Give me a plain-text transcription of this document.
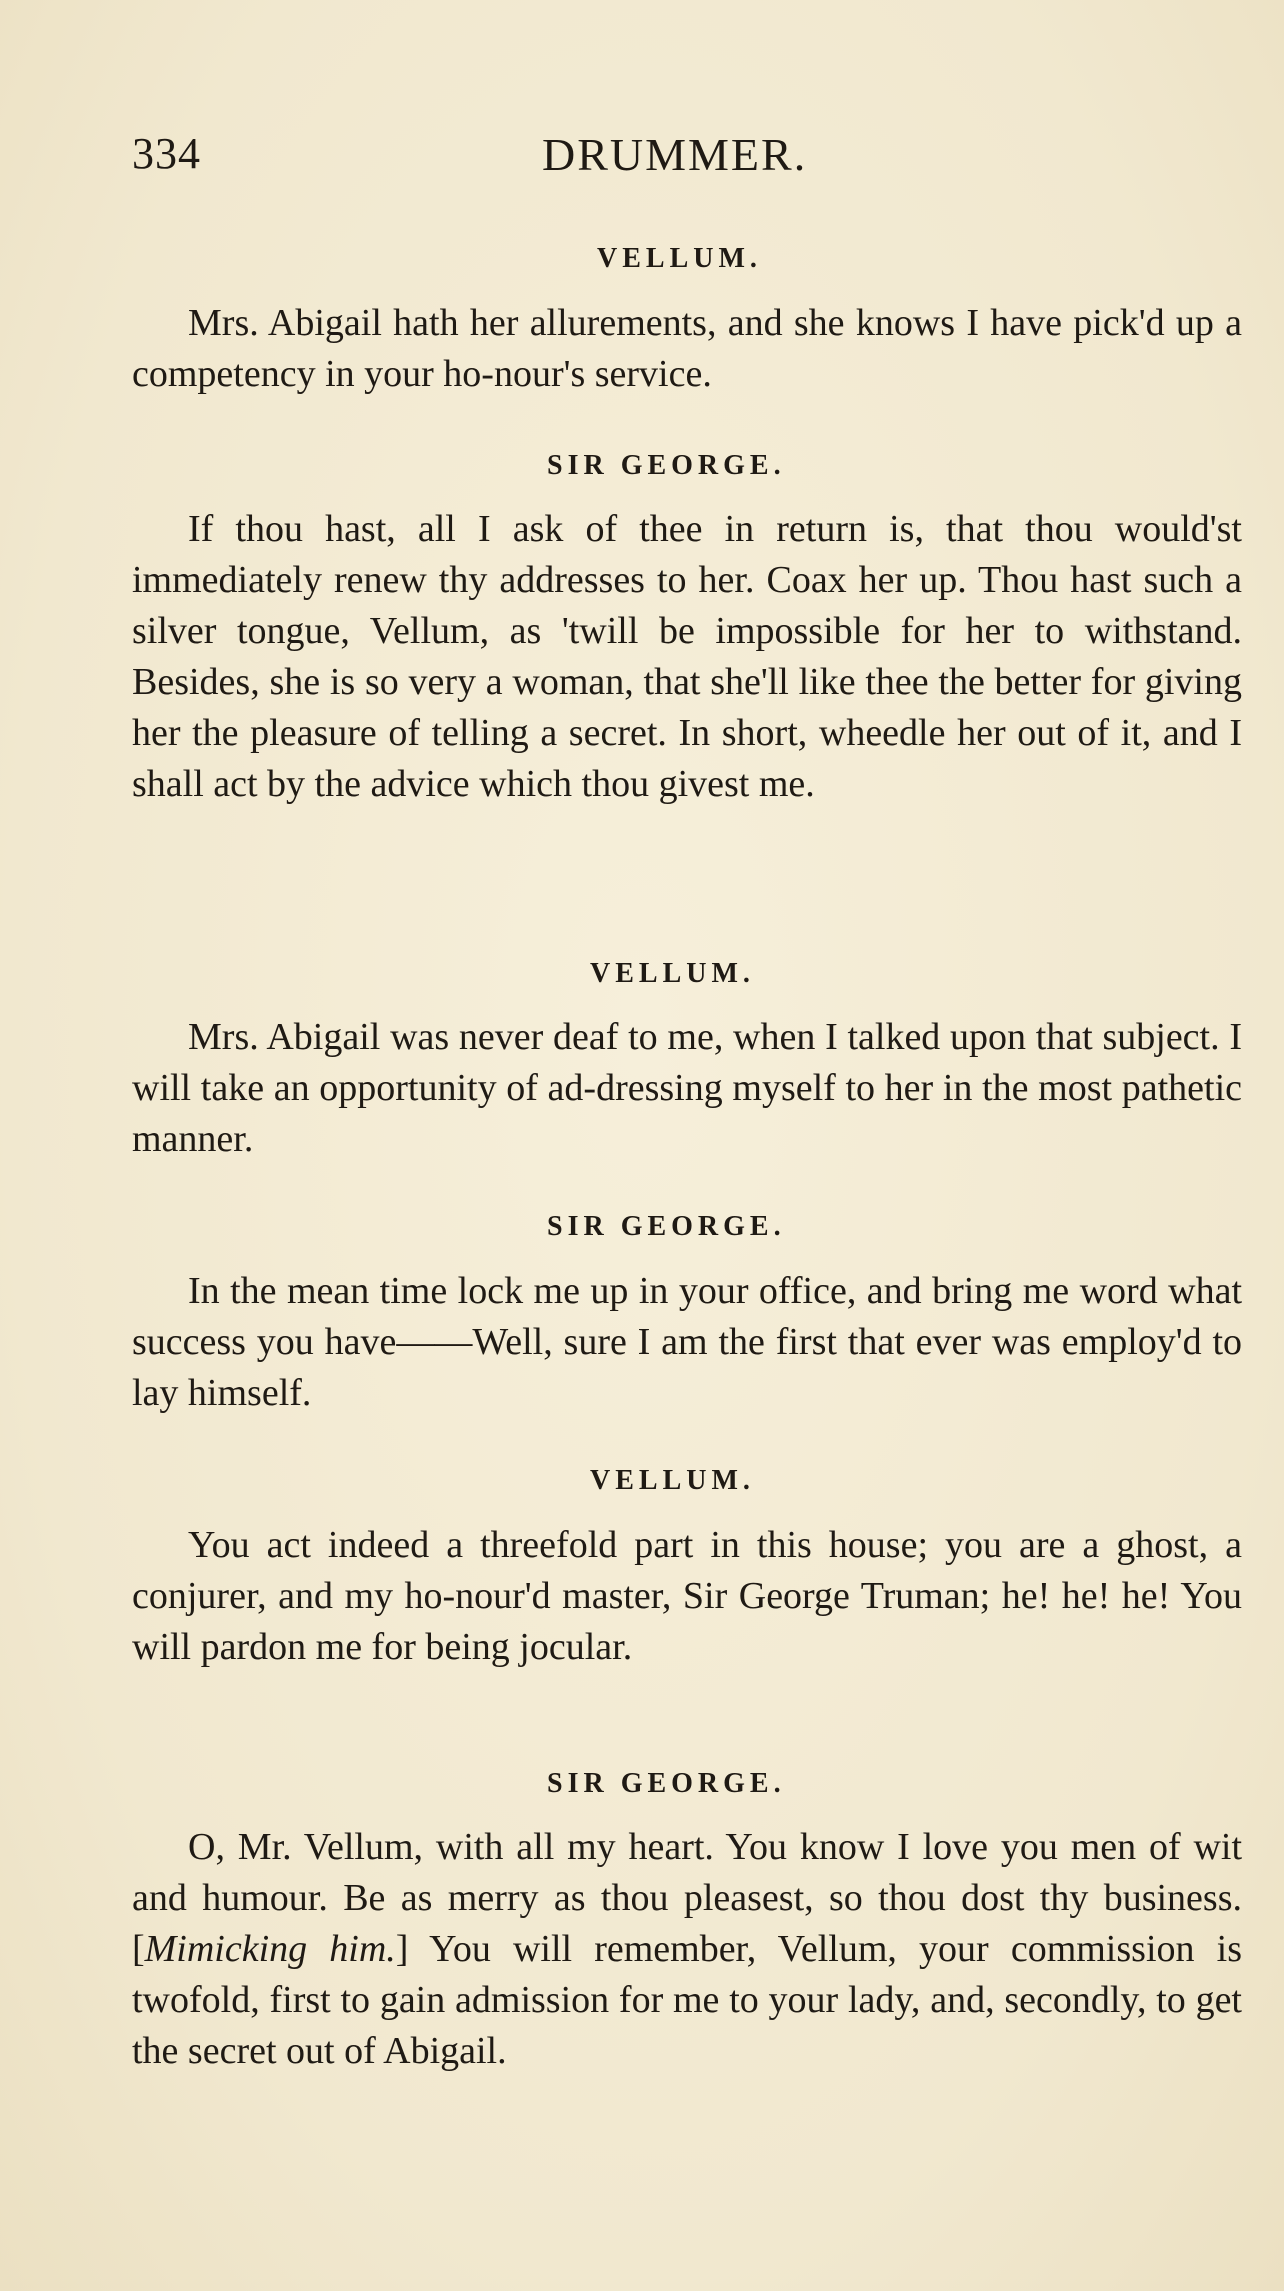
334	DRUMMER.
VELLUM.

Mrs. Abigail hath her allurements, and she knows I have pick'd up a competency in your ho-nour's service.

SIR GEORGE.

If thou hast, all I ask of thee in return is, that thou would'st immediately renew thy addresses to her. Coax her up. Thou hast such a silver tongue, Vellum, as 'twill be impossible for her to withstand. Besides, she is so very a woman, that she'll like thee the better for giving her the pleasure of telling a secret. In short, wheedle her out of it, and I shall act by the advice which thou givest me.

VELLUM.

Mrs. Abigail was never deaf to me, when I talked upon that subject. I will take an opportunity of ad-dressing myself to her in the most pathetic manner.

SIR GEORGE.

In the mean time lock me up in your office, and bring me word what success you have——Well, sure I am the first that ever was employ'd to lay himself.

VELLUM.

You act indeed a threefold part in this house; you are a ghost, a conjurer, and my ho-nour'd master, Sir George Truman; he! he! he! You will pardon me for being jocular.

SIR GEORGE.

O, Mr. Vellum, with all my heart. You know I love you men of wit and humour. Be as merry as thou pleasest, so thou dost thy business. [Mimicking him.] You will remember, Vellum, your commission is twofold, first to gain admission for me to your lady, and, secondly, to get the secret out of Abigail.
